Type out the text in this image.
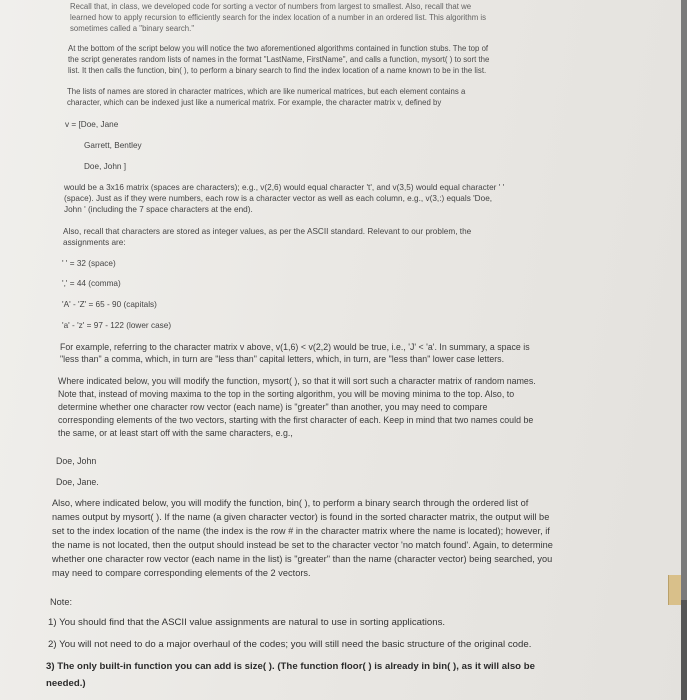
Recall that, in class, we developed code for sorting a vector of numbers from largest to smallest. Also, recall that we
learned how to apply recursion to efficiently search for the index location of a number in an ordered list. This algorithm is
sometimes called a "binary search."
At the bottom of the script below you will notice the two aforementioned algorithms contained in function stubs. The top of
the script generates random lists of names in the format "LastName, FirstName", and calls a function, mysort( ) to sort the
list. It then calls the function, bin( ), to perform a binary search to find the index location of a name known to be in the list.
The lists of names are stored in character matrices, which are like numerical matrices, but each element contains a
character, which can be indexed just like a numerical matrix. For example, the character matrix v, defined by
v = [Doe, Jane
Garrett, Bentley
Doe, John ]
would be a 3x16 matrix (spaces are characters); e.g., v(2,6) would equal character 't', and v(3,5) would equal character ' '
(space). Just as if they were numbers, each row is a character vector as well as each column, e.g., v(3,:) equals 'Doe,
John ' (including the 7 space characters at the end).
Also, recall that characters are stored as integer values, as per the ASCII standard. Relevant to our problem, the
assignments are:
' ' = 32 (space)
',' = 44 (comma)
'A' - 'Z' = 65 - 90 (capitals)
'a' - 'z' = 97 - 122 (lower case)
For example, referring to the character matrix v above, v(1,6) < v(2,2) would be true, i.e., 'J' < 'a'. In summary, a space is
"less than" a comma, which, in turn are "less than" capital letters, which, in turn, are "less than" lower case letters.
Where indicated below, you will modify the function, mysort( ), so that it will sort such a character matrix of random names.
Note that, instead of moving maxima to the top in the sorting algorithm, you will be moving minima to the top. Also, to
determine whether one character row vector (each name) is "greater" than another, you may need to compare
corresponding elements of the two vectors, starting with the first character of each. Keep in mind that two names could be
the same, or at least start off with the same characters, e.g.,
Doe, John
Doe, Jane.
Also, where indicated below, you will modify the function, bin( ), to perform a binary search through the ordered list of
names output by mysort( ). If the name (a given character vector) is found in the sorted character matrix, the output will be
set to the index location of the name (the index is the row # in the character matrix where the name is located); however, if
the name is not located, then the output should instead be set to the character vector 'no match found'. Again, to determine
whether one character row vector (each name in the list) is "greater" than the name (character vector) being searched, you
may need to compare corresponding elements of the 2 vectors.
Note:
1) You should find that the ASCII value assignments are natural to use in sorting applications.
2) You will not need to do a major overhaul of the codes; you will still need the basic structure of the original code.
3) The only built-in function you can add is size( ). (The function floor( ) is already in bin( ), as it will also be
needed.)
